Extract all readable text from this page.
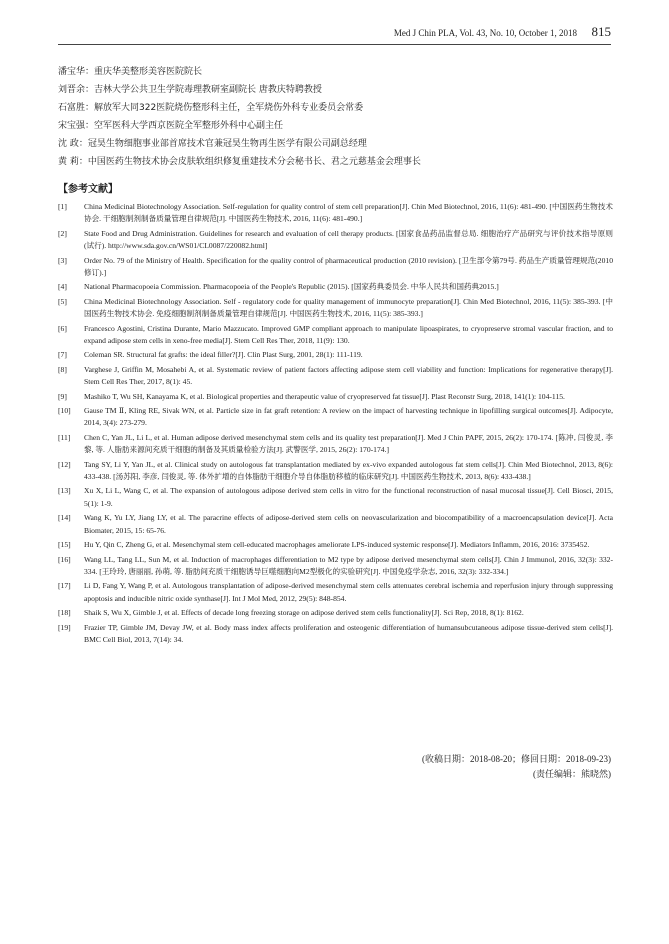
Med J Chin PLA, Vol. 43, No. 10, October 1, 2018 815
潘宝华：重庆华美整形美容医院院长
刘晋余：吉林大学公共卫生学院毒理教研室副院长 唐教庆特聘教授
石富胜：解放军大同322医院烧伤整形科主任，全军烧伤外科专业委员会常委
宋宝强：空军医科大学西京医院全军整形外科中心副主任
沈 政：冠昊生物细胞事业部首席技术官兼冠昊生物再生医学有限公司副总经理
黄 莉：中国医药生物技术协会皮肤软组织修复重建技术分会秘书长、君之元慈基金会理事长
【参考文献】
[1]	China Medicinal Biotechnology Association. Self-regulation for quality control of stem cell preparation[J]. Chin Med Biotechnol, 2016, 11(6): 481-490. [中国医药生物技术协会. 干细胞制剂制备质量管理自律规范[J]. 中国医药生物技术, 2016, 11(6): 481-490.]
[2]	State Food and Drug Administration. Guidelines for research and evaluation of cell therapy products. [国家食品药品监督总局. 细胞治疗产品研究与评价技术指导原则(试行). http://www.sda.gov.cn/WS01/CL0087/220082.html]
[3]	Order No. 79 of the Ministry of Health. Specification for the quality control of pharmaceutical production (2010 revision). [卫生部令第79号. 药品生产质量管理规范(2010修订).]
[4]	National Pharmacopoeia Commission. Pharmacopoeia of the People's Republic (2015). [国家药典委员会. 中华人民共和国药典2015.]
[5]	China Medicinal Biotechnology Association. Self - regulatory code for quality management of immunocyte preparation[J]. Chin Med Biotechnol, 2016, 11(5): 385-393. [中国医药生物技术协会. 免疫细胞制剂制备质量管理自律规范[J]. 中国医药生物技术, 2016, 11(5): 385-393.]
[6]	Francesco Agostini, Cristina Durante, Mario Mazzucato. Improved GMP compliant approach to manipulate lipoaspirates, to cryopreserve stromal vascular fraction, and to expand adipose stem cells in xeno-free media[J]. Stem Cell Res Ther, 2018, 11(9): 130.
[7]	Coleman SR. Structural fat grafts: the ideal filler?[J]. Clin Plast Surg, 2001, 28(1): 111-119.
[8]	Varghese J, Griffin M, Mosahebi A, et al. Systematic review of patient factors affecting adipose stem cell viability and function: Implications for regenerative therapy[J]. Stem Cell Res Ther, 2017, 8(1): 45.
[9]	Mashiko T, Wu SH, Kanayama K, et al. Biological properties and therapeutic value of cryopreserved fat tissue[J]. Plast Reconstr Surg, 2018, 141(1): 104-115.
[10]	Gause TM Ⅱ, Kling RE, Sivak WN, et al. Particle size in fat graft retention: A review on the impact of harvesting technique in lipofilling surgical outcomes[J]. Adipocyte, 2014, 3(4): 273-279.
[11]	Chen C, Yan JL, Li L, et al. Human adipose derived mesenchymal stem cells and its quality test preparation[J]. Med J Chin PAPF, 2015, 26(2): 170-174. [陈冲, 闫俊灵, 李黎, 等. 人脂肪来源间充质干细胞的制备及其质量检验方法[J]. 武警医学, 2015, 26(2): 170-174.]
[12]	Tang SY, Li Y, Yan JL, et al. Clinical study on autologous fat transplantation mediated by ex-vivo expanded autologous fat stem cells[J]. Chin Med Biotechnol, 2013, 8(6): 433-438. [汤苏阳, 李彦, 闫俊灵, 等. 体外扩增的自体脂肪干细胞介导自体脂肪移植的临床研究[J]. 中国医药生物技术, 2013, 8(6): 433-438.]
[13]	Xu X, Li L, Wang C, et al. The expansion of autologous adipose derived stem cells in vitro for the functional reconstruction of nasal mucosal tissue[J]. Cell Biosci, 2015, 5(1): 1-9.
[14]	Wang K, Yu LY, Jiang LY, et al. The paracrine effects of adipose-derived stem cells on neovascularization and biocompatibility of a macroencapsulation device[J]. Acta Biomater, 2015, 15: 65-76.
[15]	Hu Y, Qin C, Zheng G, et al. Mesenchymal stem cell-educated macrophages ameliorate LPS-induced systemic response[J]. Mediators Inflamm, 2016, 2016: 3735452.
[16]	Wang LL, Tang LL, Sun M, et al. Induction of macrophages differentiation to M2 type by adipose derived mesenchymal stem cells[J]. Chin J Immunol, 2016, 32(3): 332-334. [王玲玲, 唐丽丽, 孙萌, 等. 脂肪间充质干细胞诱导巨噬细胞向M2型极化的实验研究[J]. 中国免疫学杂志, 2016, 32(3): 332-334.]
[17]	Li D, Fang Y, Wang P, et al. Autologous transplantation of adipose-derived mesenchymal stem cells attenuates cerebral ischemia and reperfusion injury through suppressing apoptosis and inducible nitric oxide synthase[J]. Int J Mol Med, 2012, 29(5): 848-854.
[18]	Shaik S, Wu X, Gimble J, et al. Effects of decade long freezing storage on adipose derived stem cells functionality[J]. Sci Rep, 2018, 8(1): 8162.
[19]	Frazier TP, Gimble JM, Devay JW, et al. Body mass index affects proliferation and osteogenic differentiation of humansubcutaneous adipose tissue-derived stem cells[J]. BMC Cell Biol, 2013, 7(14): 34.
(收稿日期：2018-08-20；修回日期：2018-09-23)
(责任编辑：熊晓然)
